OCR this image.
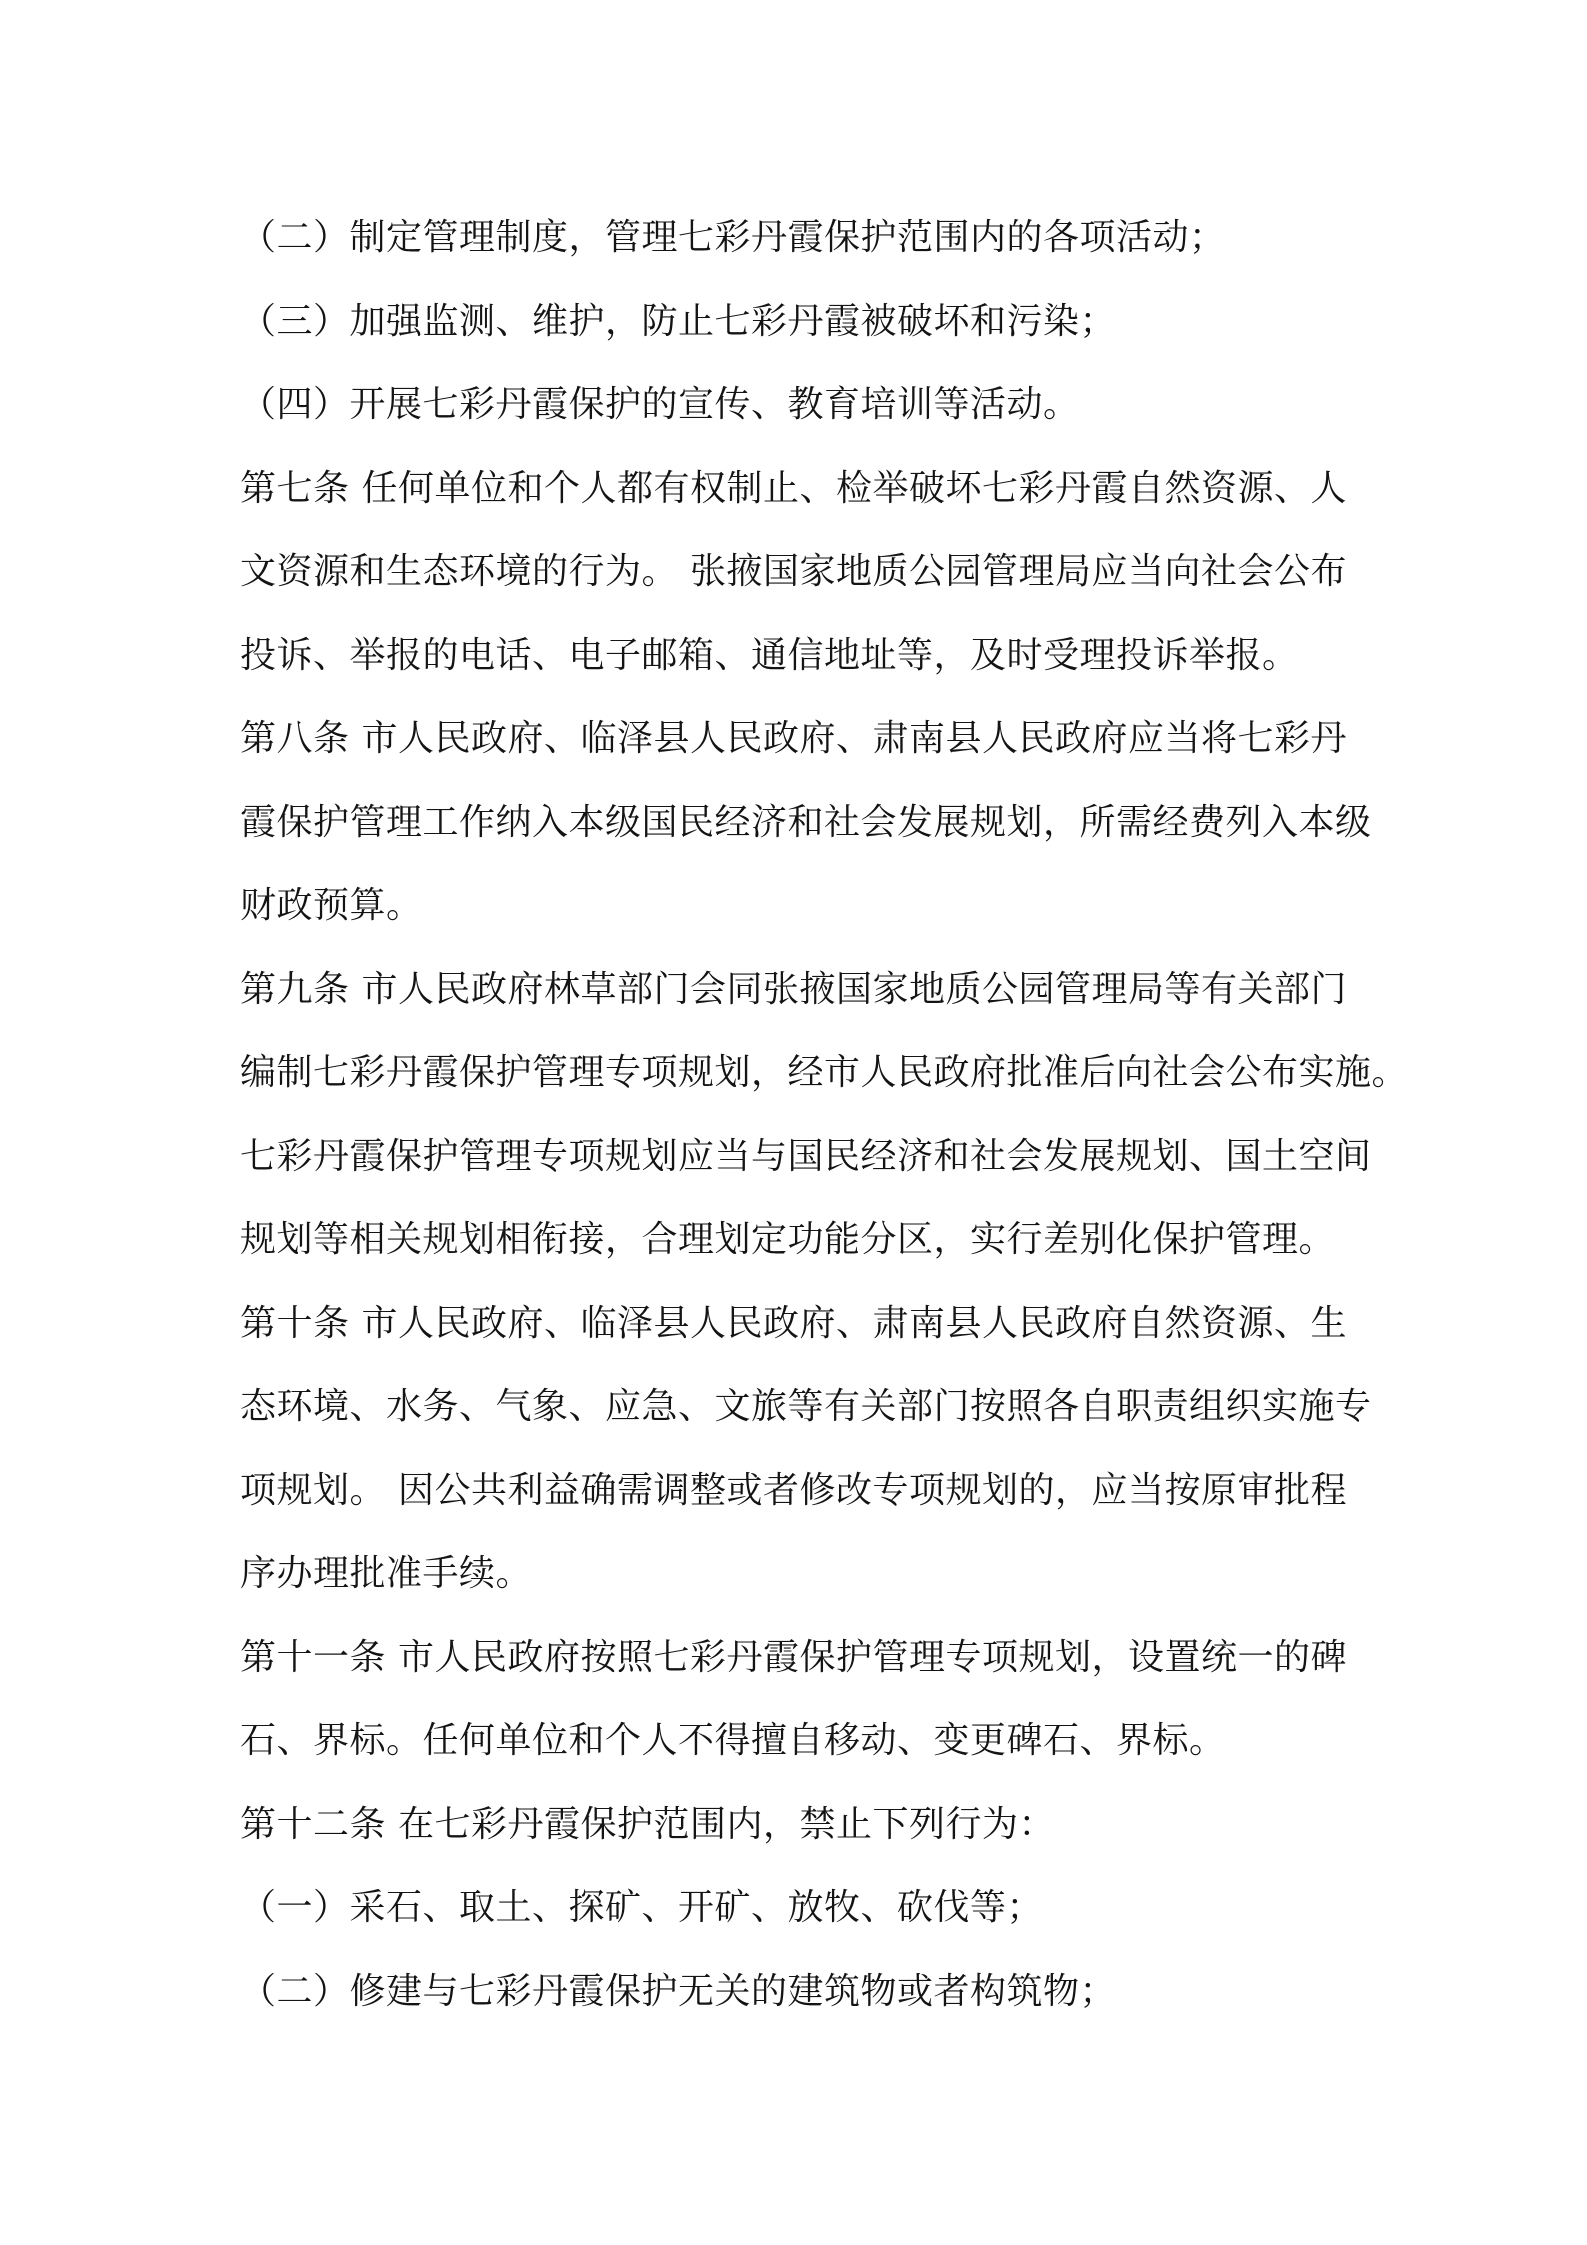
（二）制定管理制度，管理七彩丹霞保护范围内的各项活动；
（三）加强监测、维护，防止七彩丹霞被破坏和污染；
（四）开展七彩丹霞保护的宣传、教育培训等活动。
第七条 任何单位和个人都有权制止、检举破坏七彩丹霞自然资源、人
文资源和生态环境的行为。 张掖国家地质公园管理局应当向社会公布
投诉、举报的电话、电子邮箱、通信地址等，及时受理投诉举报。
第八条 市人民政府、临泽县人民政府、肃南县人民政府应当将七彩丹
霞保护管理工作纳入本级国民经济和社会发展规划，所需经费列入本级
财政预算。
第九条 市人民政府林草部门会同张掖国家地质公园管理局等有关部门
编制七彩丹霞保护管理专项规划，经市人民政府批准后向社会公布实施。
七彩丹霞保护管理专项规划应当与国民经济和社会发展规划、国土空间
规划等相关规划相衔接，合理划定功能分区，实行差别化保护管理。
第十条 市人民政府、临泽县人民政府、肃南县人民政府自然资源、生
态环境、水务、气象、应急、文旅等有关部门按照各自职责组织实施专
项规划。 因公共利益确需调整或者修改专项规划的，应当按原审批程
序办理批准手续。
第十一条 市人民政府按照七彩丹霞保护管理专项规划，设置统一的碑
石、界标。任何单位和个人不得擅自移动、变更碑石、界标。
第十二条 在七彩丹霞保护范围内，禁止下列行为：
（一）采石、取土、探矿、开矿、放牧、砍伐等；
（二）修建与七彩丹霞保护无关的建筑物或者构筑物；
